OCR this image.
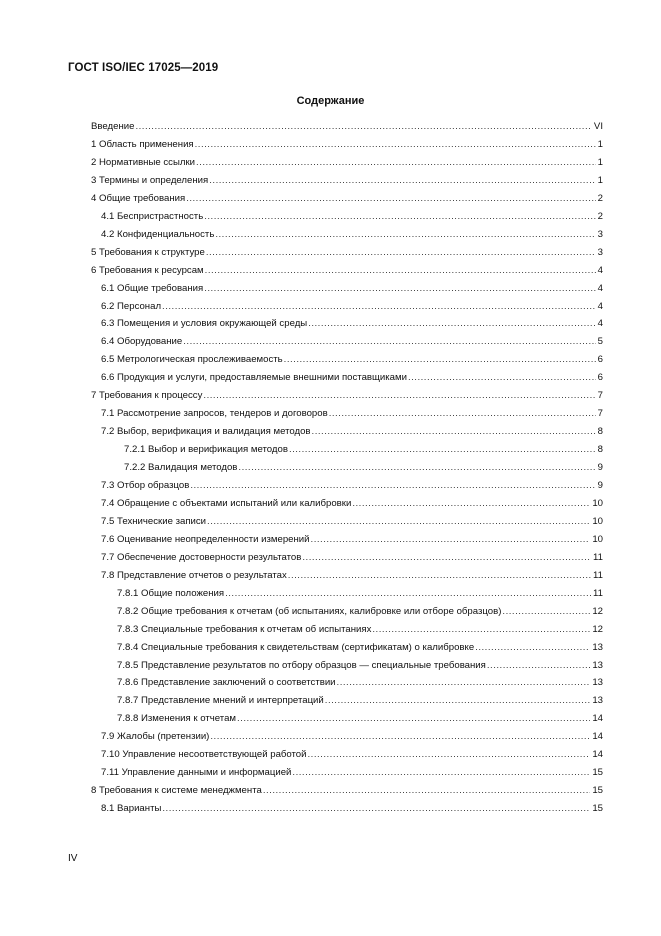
ГОСТ ISO/IEC 17025—2019
Содержание
Введение .....	VI
1 Область применения .....	1
2 Нормативные ссылки .....	1
3 Термины и определения .....	1
4 Общие требования .....	2
4.1 Беспристрастность .....	2
4.2 Конфиденциальность .....	3
5 Требования к структуре .....	3
6 Требования к ресурсам .....	4
6.1 Общие требования .....	4
6.2 Персонал .....	4
6.3 Помещения и условия окружающей среды .....	4
6.4 Оборудование .....	5
6.5 Метрологическая прослеживаемость .....	6
6.6 Продукция и услуги, предоставляемые внешними поставщиками .....	6
7 Требования к процессу .....	7
7.1 Рассмотрение запросов, тендеров и договоров .....	7
7.2 Выбор, верификация и валидация методов .....	8
7.2.1 Выбор и верификация методов .....	8
7.2.2 Валидация методов .....	9
7.3 Отбор образцов .....	9
7.4 Обращение с объектами испытаний или калибровки .....	10
7.5 Технические записи .....	10
7.6 Оценивание неопределенности измерений .....	10
7.7 Обеспечение достоверности результатов .....	11
7.8 Представление отчетов о результатах .....	11
7.8.1 Общие положения .....	11
7.8.2 Общие требования к отчетам (об испытаниях, калибровке или отборе образцов) .....	12
7.8.3 Специальные требования к отчетам об испытаниях .....	12
7.8.4 Специальные требования к свидетельствам (сертификатам) о калибровке .....	13
7.8.5 Представление результатов по отбору образцов — специальные требования .....	13
7.8.6 Представление заключений о соответствии .....	13
7.8.7 Представление мнений и интерпретаций .....	13
7.8.8 Изменения к отчетам .....	14
7.9 Жалобы (претензии) .....	14
7.10 Управление несоответствующей работой .....	14
7.11 Управление данными и информацией .....	15
8 Требования к системе менеджмента .....	15
8.1 Варианты .....	15
IV
